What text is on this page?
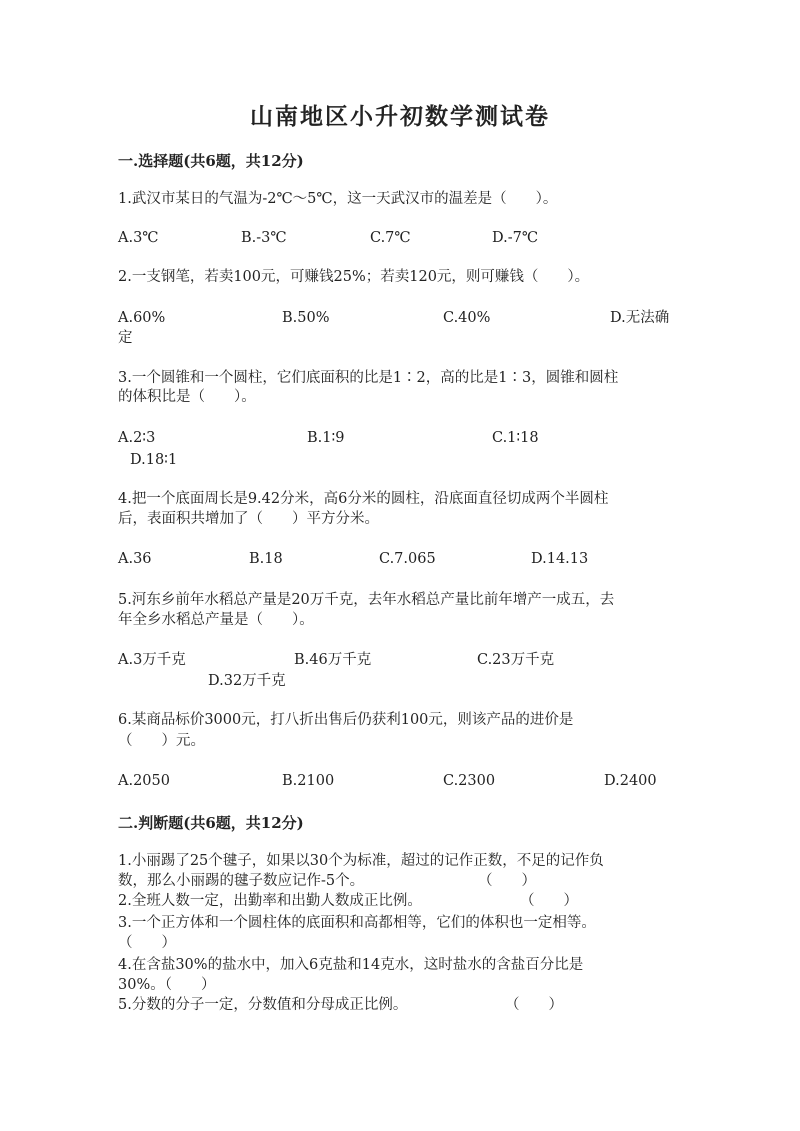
山南地区小升初数学测试卷
一.选择题(共6题，共12分)
1.武汉市某日的气温为-2℃～5℃，这一天武汉市的温差是（　　）。
A.3℃	B.-3℃	C.7℃	D.-7℃
2.一支钢笔，若卖100元，可赚钱25%；若卖120元，则可赚钱（　　）。
A.60%	B.50%	C.40%	D.无法确
定
3.一个圆锥和一个圆柱，它们底面积的比是1∶2，高的比是1∶3，圆锥和圆柱
的体积比是（　　）。
A.2∶3	B.1∶9	C.1∶18
D.18∶1
4.把一个底面周长是9.42分米，高6分米的圆柱，沿底面直径切成两个半圆柱
后，表面积共增加了（　　）平方分米。
A.36	B.18	C.7.065	D.14.13
5.河东乡前年水稻总产量是20万千克，去年水稻总产量比前年增产一成五，去
年全乡水稻总产量是（　　）。
A.3万千克	B.46万千克	C.23万千克
D.32万千克
6.某商品标价3000元，打八折出售后仍获利100元，则该产品的进价是
（　　）元。
A.2050	B.2100	C.2300	D.2400
二.判断题(共6题，共12分)
1.小丽踢了25个毽子，如果以30个为标准，超过的记作正数，不足的记作负
数，那么小丽踢的毽子数应记作-5个。	（　　）
2.全班人数一定，出勤率和出勤人数成正比例。	（　　）
3.一个正方体和一个圆柱体的底面积和高都相等，它们的体积也一定相等。
（　　）
4.在含盐30%的盐水中，加入6克盐和14克水，这时盐水的含盐百分比是
30%。（　　）
5.分数的分子一定，分数值和分母成正比例。	（　　）
